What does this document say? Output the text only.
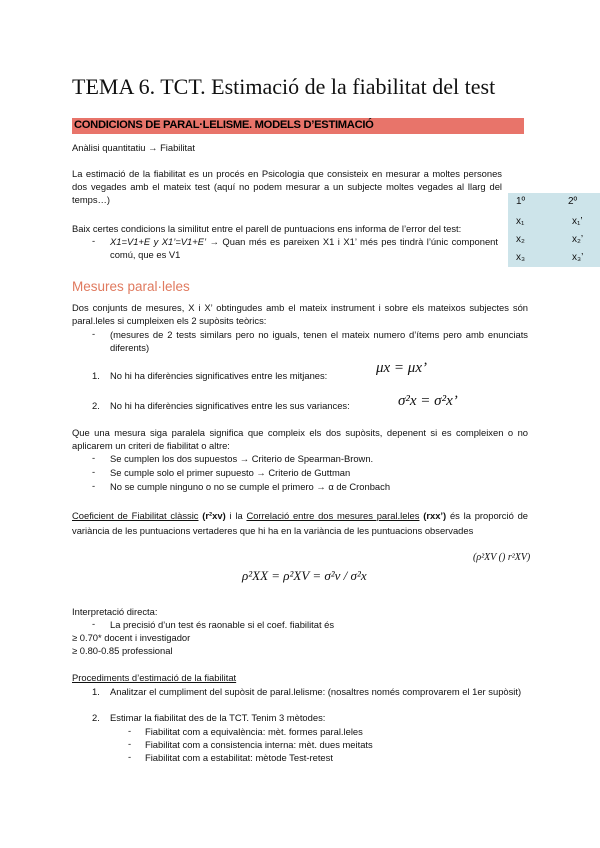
TEMA 6. TCT. Estimació de la fiabilitat del test
CONDICIONS DE PARAL·LELISME. MODELS D’ESTIMACIÓ
Anàlisi quantitatiu → Fiabilitat
La estimació de la fiabilitat es un procés en Psicologia que consisteix en mesurar a moltes persones dos vegades amb el mateix test (aquí no podem mesurar a un subjecte moltes vegades al llarg del temps…)	1º	2º
x₁	x₁’
x₂	x₂’
x₃	x₃’
Baix certes condicions la similitut entre el parell de puntuacions ens informa de l’error del test:
- X1=V1+E y X1’=V1+E’ → Quan més es pareixen X1 i X1’ més pes tindrà l’únic component comú, que es V1
Mesures paral·leles
Dos conjunts de mesures, X i X’ obtingudes amb el mateix instrument i sobre els mateixos subjectes són paral.leles si cumpleixen els 2 supòsits teòrics:
- (mesures de 2 tests similars pero no iguals, tenen el mateix numero d’ítems pero amb enunciats diferents)
1. No hi ha diferències significatives entre les mitjanes:	μx = μx’
2. No hi ha diferències significatives entre les sus variances:	σ²x = σ²x’
Que una mesura siga paralela significa que compleix els dos supòsits, depenent si es compleixen o no aplicarem un criteri de fiabilitat o altre:
- Se cumplen los dos supuestos → Criterio de Spearman-Brown.
- Se cumple solo el primer supuesto → Criterio de Guttman
- No se cumple ninguno o no se cumple el primero → α de Cronbach
Coeficient de Fiabilitat clàssic (r²xv) i la Correlació entre dos mesures paral.leles (rxx’) és la proporció de variància de les puntuacions vertaderes que hi ha en la variància de les puntuacions observades
(ρ²XV () r²XV)
ρ²XX = ρ²XV = σ²v / σ²x
Interpretació directa:
- La precisió d’un test és raonable si el coef. fiabilitat és
≥ 0.70* docent i investigador
≥ 0.80-0.85 professional
Procediments d’estimació de la fiabilitat
1. Analitzar el cumpliment del supòsit de paral.lelisme: (nosaltres només comprovarem el 1er supòsit)
2. Estimar la fiabilitat des de la TCT. Tenim 3 mètodes:
- Fiabilitat com a equivalència: mèt. formes paral.leles
- Fiabilitat com a consistencia interna: mèt. dues meitats
- Fiabilitat com a estabilitat: mètode Test-retest
